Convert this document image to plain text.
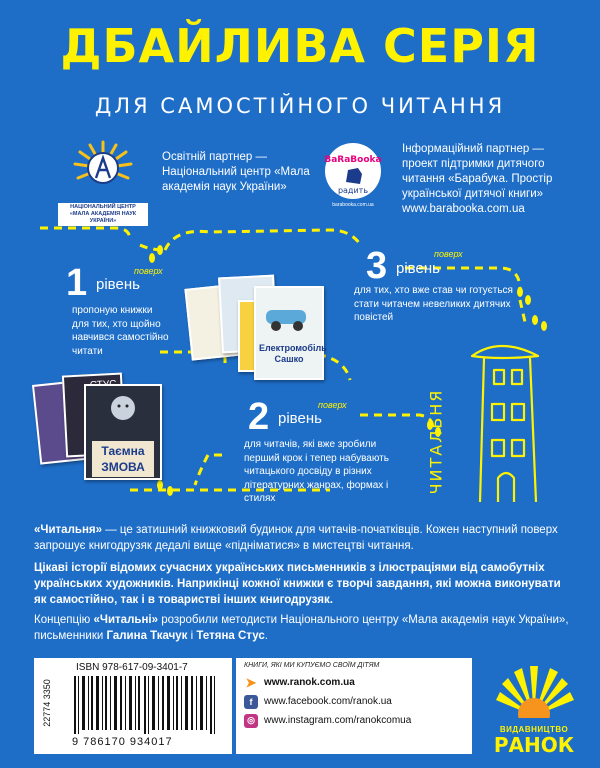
ДБАЙЛИВА СЕРІЯ
ДЛЯ САМОСТІЙНОГО ЧИТАННЯ
НАЦІОНАЛЬНИЙ ЦЕНТР «МАЛА АКАДЕМІЯ НАУК УКРАЇНИ»
Освітній партнер — Національний центр «Мала академія наук України»
BaRaBooka
радить
barabooka.com.ua
Інформаційний партнер — проект підтримки дитячого читання «Барабука. Простір української дитячої книги» www.barabooka.com.ua
Електромобіль Сашко
Таємна ЗМОВА
1	поверх
рівень
пропоную книжки для тих, хто щойно навчився самостійно читати
2	поверх
рівень
для читачів, які вже зробили перший крок і тепер набувають читацького досвіду в різних літературних жанрах, формах і стилях
3	поверх
рівень
для тих, хто вже став чи готується стати читачем невеликих дитячих повістей
ЧИТАЛЬНЯ
«Читальня» — це затишний книжковий будинок для читачів-початківців. Кожен наступний поверх запрошує книгодрузяк дедалі вище «підніматися» в мистецтві читання.
Цікаві історії відомих сучасних українських письменників з ілюстраціями від самобутніх українських художників. Наприкінці кожної книжки є творчі завдання, які можна виконувати як самостійно, так і в товаристві інших книгодрузяк.
Концепцію «Читальні» розробили методисти Національного центру «Мала академія наук України», письменники Галина Ткачук і Тетяна Стус.
22774 3350
ISBN 978-617-09-3401-7
9 786170 934017
КНИГИ, ЯКІ МИ КУПУЄМО СВОЇМ ДІТЯМ
➤ www.ranok.com.ua
f	www.facebook.com/ranok.ua
◎ www.instagram.com/ranokcomua
ВИДАВНИЦТВО
РАНОК
